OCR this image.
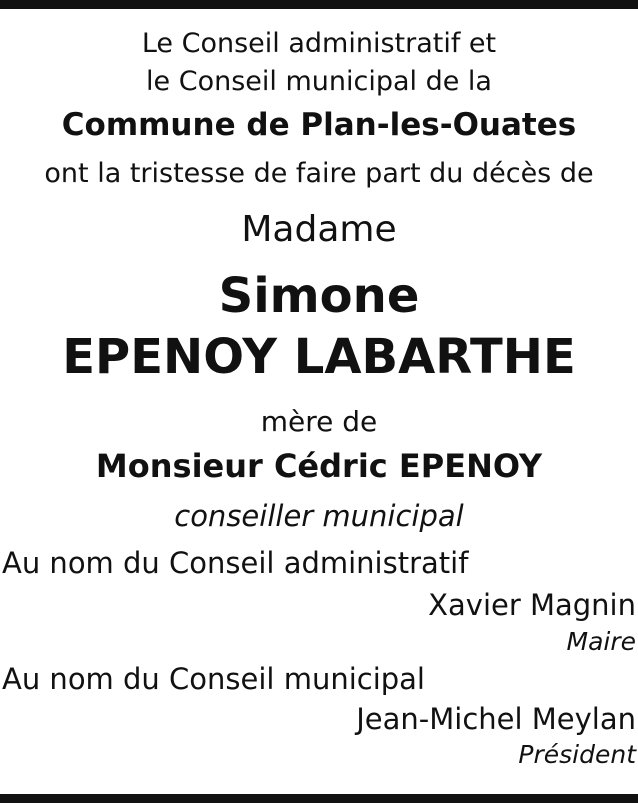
Le Conseil administratif et
le Conseil municipal de la
Commune de Plan-les-Ouates
ont la tristesse de faire part du décès de
Madame
Simone
EPENOY LABARTHE
mère de
Monsieur Cédric EPENOY
conseiller municipal
Au nom du Conseil administratif
Xavier Magnin
Maire
Au nom du Conseil municipal
Jean-Michel Meylan
Président
